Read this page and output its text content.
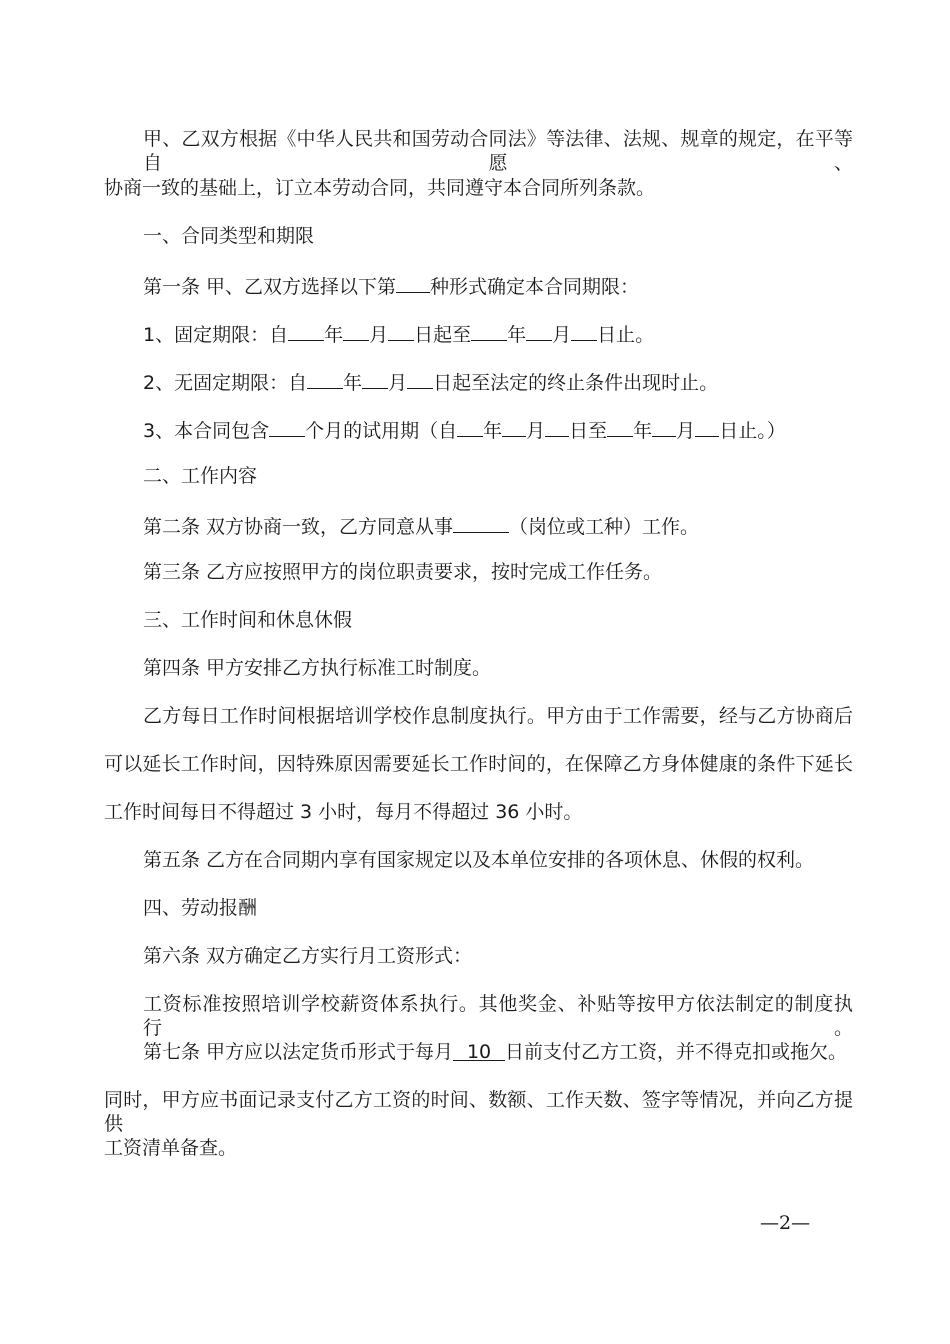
甲、乙双方根据《中华人民共和国劳动合同法》等法律、法规、规章的规定，在平等自愿、
协商一致的基础上，订立本劳动合同，共同遵守本合同所列条款。
一、合同类型和期限
第一条 甲、乙双方选择以下第 种形式确定本合同期限：
1、固定期限：自 年 月 日起至 年 月 日止。
2、无固定期限：自 年 月 日起至法定的终止条件出现时止。
3、本合同包含 个月的试用期（自 年 月 日至 年 月 日止。）
二、工作内容
第二条 双方协商一致，乙方同意从事	（岗位或工种）工作。
第三条 乙方应按照甲方的岗位职责要求，按时完成工作任务。
三、工作时间和休息休假
第四条 甲方安排乙方执行标准工时制度。
乙方每日工作时间根据培训学校作息制度执行。甲方由于工作需要，经与乙方协商后
可以延长工作时间，因特殊原因需要延长工作时间的，在保障乙方身体健康的条件下延长
工作时间每日不得超过 3 小时，每月不得超过 36 小时。
第五条 乙方在合同期内享有国家规定以及本单位安排的各项休息、休假的权利。
四、劳动报酬
第六条 双方确定乙方实行月工资形式：
工资标准按照培训学校薪资体系执行。其他奖金、补贴等按甲方依法制定的制度执行。
第七条 甲方应以法定货币形式于每月 10 日前支付乙方工资，并不得克扣或拖欠。
同时，甲方应书面记录支付乙方工资的时间、数额、工作天数、签字等情况，并向乙方提供
工资清单备查。
—2—
